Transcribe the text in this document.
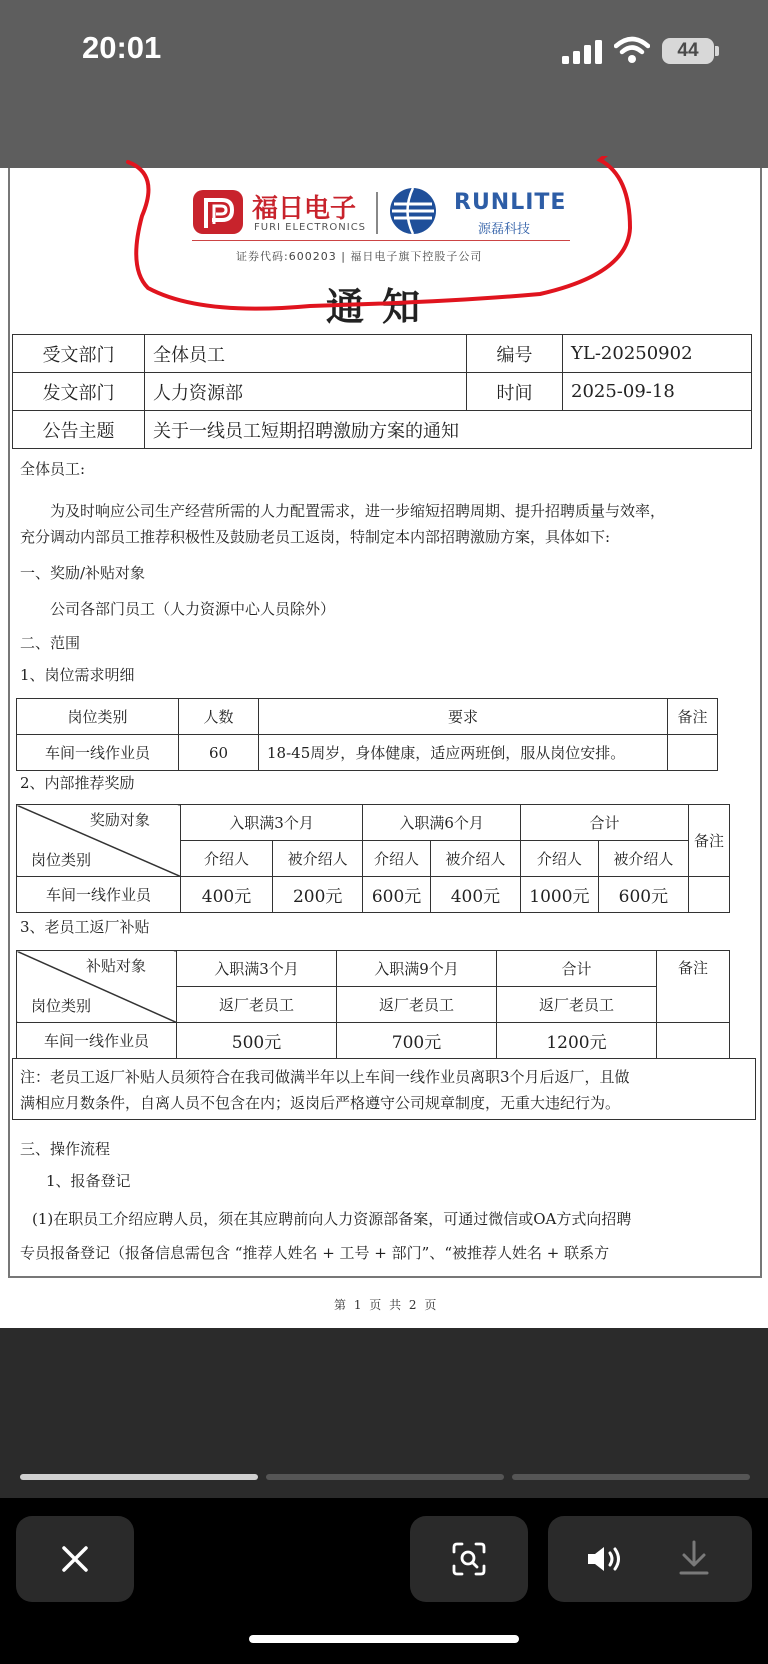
20:01	44
福日电子
FURI ELECTRONICS
RUNLITE
源磊科技
证券代码:600203 | 福日电子旗下控股子公司
通知
受文部门	全体员工	编号	YL-20250902
发文部门	人力资源部	时间	2025-09-18
公告主题	关于一线员工短期招聘激励方案的通知		
全体员工:
为及时响应公司生产经营所需的人力配置需求，进一步缩短招聘周期、提升招聘质量与效率，
充分调动内部员工推荐积极性及鼓励老员工返岗，特制定本内部招聘激励方案，具体如下:
一、奖励/补贴对象
公司各部门员工（人力资源中心人员除外）
二、范围
1、岗位需求明细
岗位类别	人数	要求	备注
车间一线作业员	60	18-45周岁，身体健康，适应两班倒，服从岗位安排。	
2、内部推荐奖励
奖励对象
岗位类别	入职满3个月		入职满6个月		合计		备注
	介绍人	被介绍人	介绍人	被介绍人	介绍人	被介绍人	
车间一线作业员	400元	200元	600元	400元	1000元	600元	
3、老员工返厂补贴
补贴对象
岗位类别	入职满3个月	入职满9个月	合计	备注
	返厂老员工	返厂老员工	返厂老员工	
车间一线作业员	500元	700元	1200元	
注：老员工返厂补贴人员须符合在我司做满半年以上车间一线作业员离职3个月后返厂，且做
满相应月数条件，自离人员不包含在内；返岗后严格遵守公司规章制度，无重大违纪行为。
三、操作流程
1、报备登记
(1)在职员工介绍应聘人员，须在其应聘前向人力资源部备案，可通过微信或OA方式向招聘
专员报备登记（报备信息需包含 “推荐人姓名 + 工号 + 部门”、“被推荐人姓名 + 联系方
第 1 页 共 2 页
